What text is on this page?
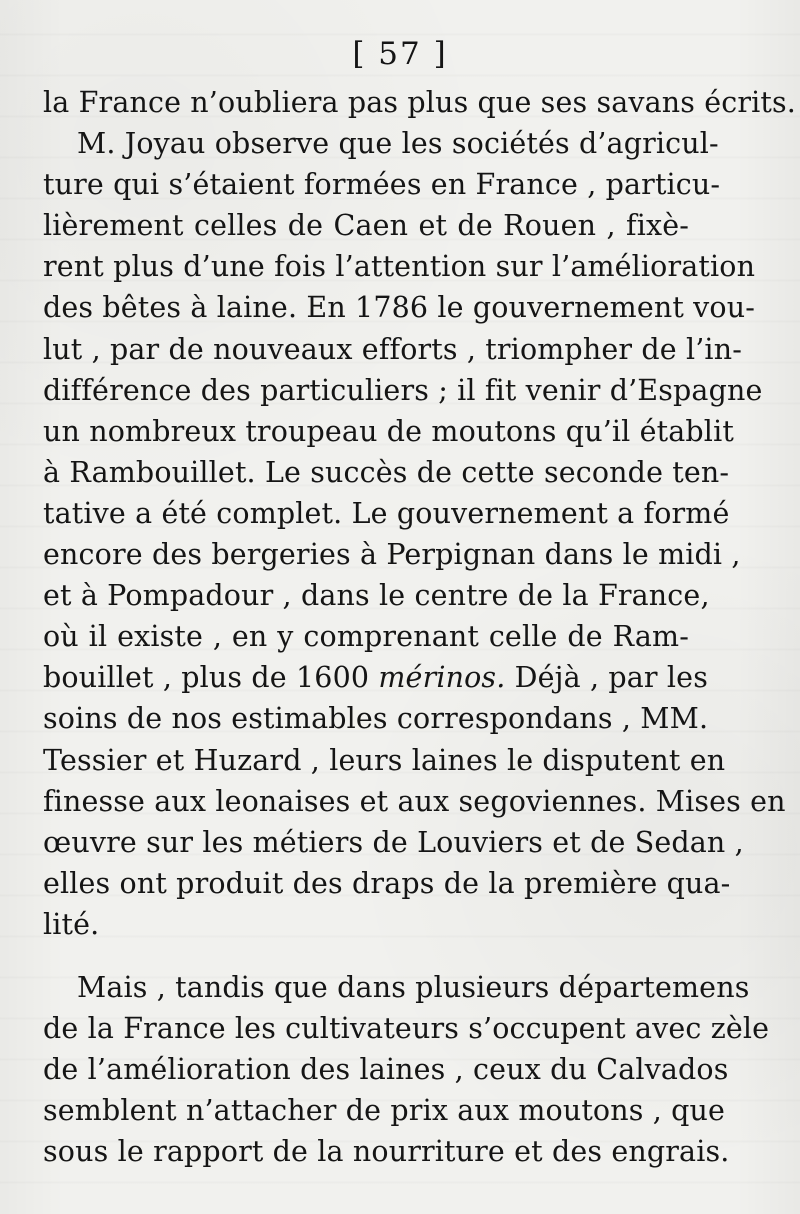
[ 57 ]
la France n’oubliera pas plus que ses savans écrits.
M. Joyau observe que les sociétés d’agricul-
ture qui s’étaient formées en France , particu-
lièrement celles de Caen et de Rouen , fixè-
rent plus d’une fois l’attention sur l’amélioration
des bêtes à laine. En 1786 le gouvernement vou-
lut , par de nouveaux efforts , triompher de l’in-
différence des particuliers ; il fit venir d’Espagne
un nombreux troupeau de moutons qu’il établit
à Rambouillet. Le succès de cette seconde ten-
tative a été complet. Le gouvernement a formé
encore des bergeries à Perpignan dans le midi ,
et à Pompadour , dans le centre de la France,
où il existe , en y comprenant celle de Ram-
bouillet , plus de 1600 mérinos. Déjà , par les
soins de nos estimables correspondans , MM.
Tessier et Huzard , leurs laines le disputent en
finesse aux leonaises et aux segoviennes. Mises en
œuvre sur les métiers de Louviers et de Sedan ,
elles ont produit des draps de la première qua-
lité.
Mais , tandis que dans plusieurs départemens
de la France les cultivateurs s’occupent avec zèle
de l’amélioration des laines , ceux du Calvados
semblent n’attacher de prix aux moutons , que
sous le rapport de la nourriture et des engrais.
